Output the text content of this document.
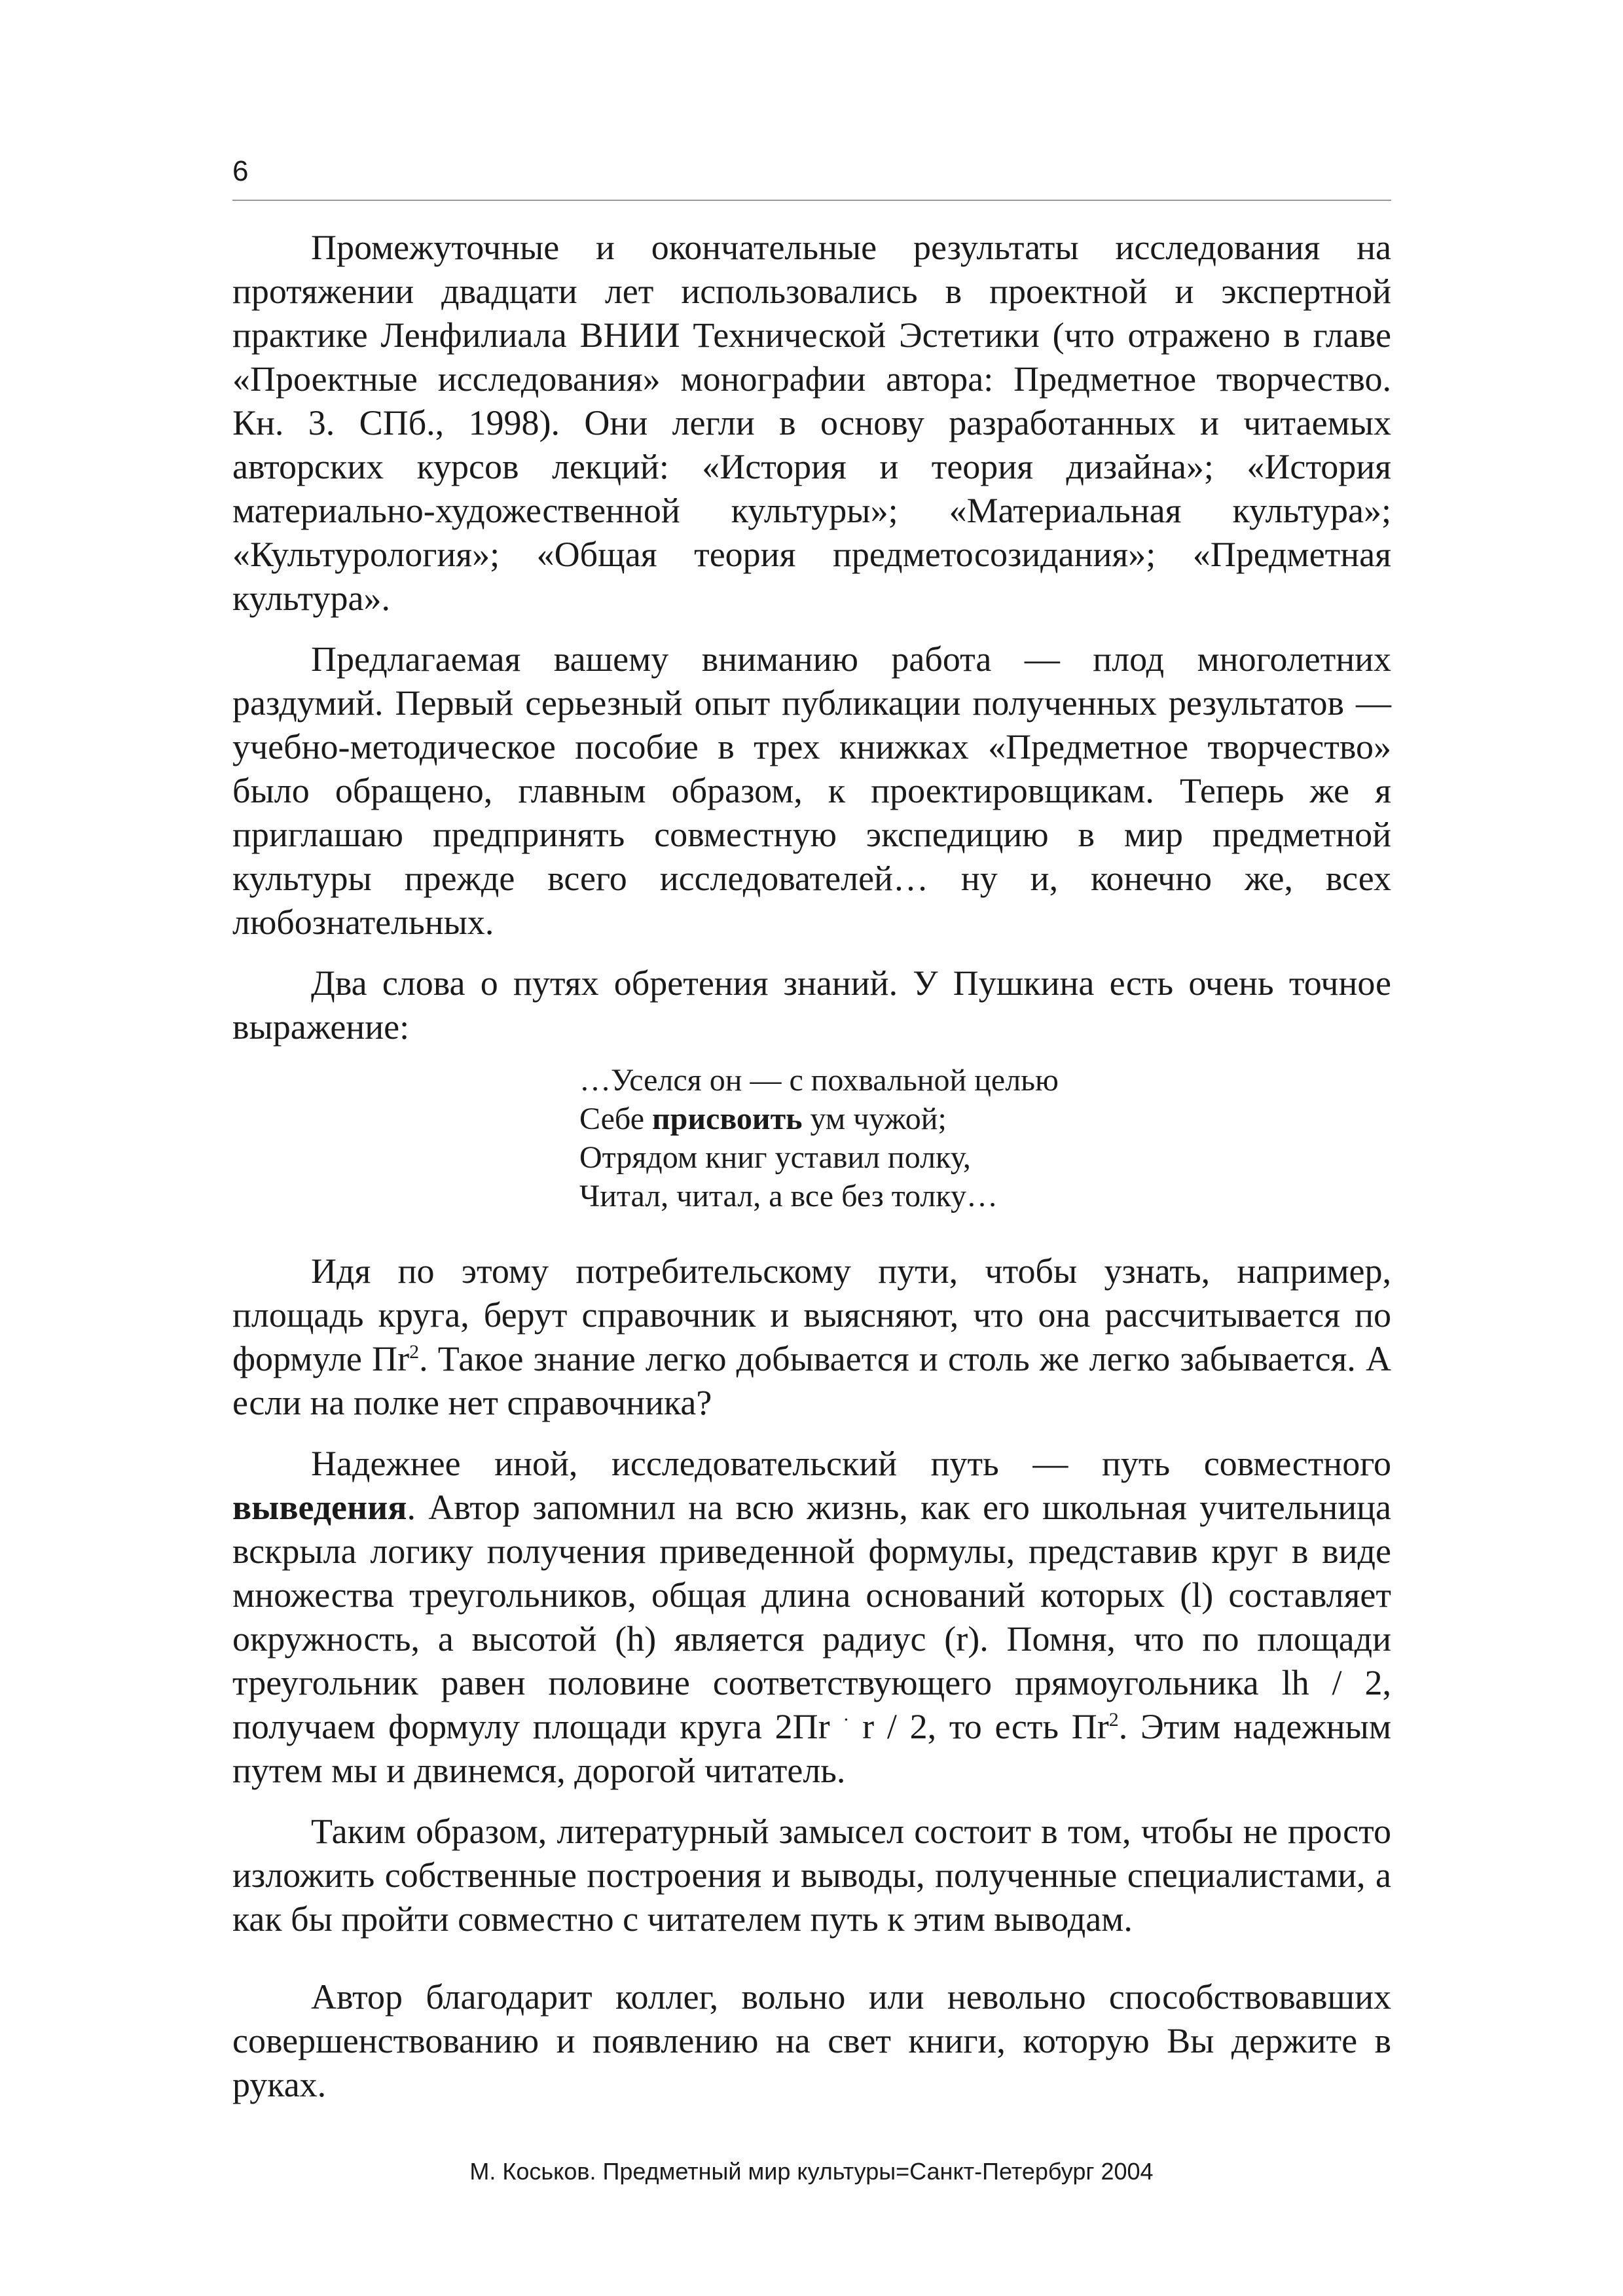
6

Промежуточные и окончательные результаты исследования на протяжении двадцати лет использовались в проектной и экспертной практике Ленфилиала ВНИИ Технической Эстетики (что отражено в главе «Проектные исследования» монографии автора: Предметное творчество. Кн. 3. СПб., 1998). Они легли в основу разработанных и читаемых авторских курсов лекций: «История и теория дизайна»; «История материально-художественной культуры»; «Материальная культура»; «Культурология»; «Общая теория предметосозидания»; «Предметная культура».

Предлагаемая вашему вниманию работа — плод многолетних раздумий. Первый серьезный опыт публикации полученных результатов — учебно-методическое пособие в трех книжках «Предметное творчество» было обращено, главным образом, к проектировщикам. Теперь же я приглашаю предпринять совместную экспедицию в мир предметной культуры прежде всего исследователей… ну и, конечно же, всех любознательных.

Два слова о путях обретения знаний. У Пушкина есть очень точное выражение:

…Уселся он — с похвальной целью
Себе присвоить ум чужой;
Отрядом книг уставил полку,
Читал, читал, а все без толку…

Идя по этому потребительскому пути, чтобы узнать, например, площадь круга, берут справочник и выясняют, что она рассчитывается по формуле $Пr^2$. Такое знание легко добывается и столь же легко забывается. А если на полке нет справочника?

Надежнее иной, исследовательский путь — путь совместного выведения. Автор запомнил на всю жизнь, как его школьная учительница вскрыла логику получения приведенной формулы, представив круг в виде множества треугольников, общая длина оснований которых (l) составляет окружность, а высотой (h) является радиус (r). Помня, что по площади треугольник равен половине соответствующего прямоугольника lh / 2, получаем формулу площади круга 2Пr · r / 2, то есть $Пr^2$. Этим надежным путем мы и двинемся, дорогой читатель.

Таким образом, литературный замысел состоит в том, чтобы не просто изложить собственные построения и выводы, полученные специалистами, а как бы пройти совместно с читателем путь к этим выводам.

Автор благодарит коллег, вольно или невольно способствовавших совершенствованию и появлению на свет книги, которую Вы держите в руках.

М. Коськов. Предметный мир культуры=Санкт-Петербург 2004
